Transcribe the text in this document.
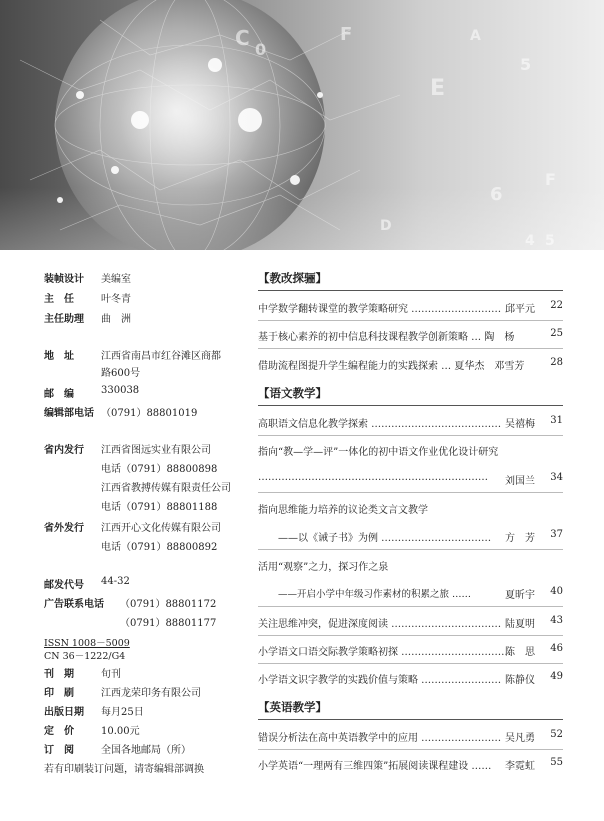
装帧设计 美编室
主　任	叶冬青
主任助理 曲　洲
地　址	江西省南昌市红谷滩区商都
路600号
邮　编	330038
编辑部电话 （0791）88801019
省内发行 江西省图远实业有限公司
电话（0791）88800898
江西省教搏传媒有限责任公司
电话（0791）88801188
省外发行 江西开心文化传媒有限公司
电话（0791）88800892
邮发代号 44-32
广告联系电话 （0791）88801172
（0791）88801177
ISSN 1008－5009
CN 36－1222/G4
刊　期	旬刊
印　刷	江西龙荣印务有限公司
出版日期 每月25日
定　价	10.00元
订　阅	全国各地邮局（所）
若有印刷装订问题，请寄编辑部调换
【教改探骊】
中学数学翻转课堂的教学策略研究 ……………………… 邱平元 22
基于核心素养的初中信息科技课程教学创新策略 … 陶　杨	25
借助流程图提升学生编程能力的实践探索 … 夏华杰　邓雪芳	28
【语文教学】
高职语文信息化教学探索 ………………………………… 吴禧梅 31
指向“教—学—评”一体化的初中语文作业优化设计研究
…………………………………………………………… 刘国兰 34
指向思维能力培养的议论类文言文教学
——以《诫子书》为例 …………………………… 方　芳 37
活用“观察”之力，探习作之泉
——开启小学中年级习作素材的积累之旅 ……	夏昕宇 40
关注思维冲突，促进深度阅读 …………………………… 陆夏明 43
小学语文口语交际教学策略初探 ……………………………
陈　思 46
小学语文识字教学的实践价值与策略 …………………… 陈静仪 49
【英语教学】
错误分析法在高中英语教学中的应用 …………………… 吴凡勇 52
小学英语“一理两有三维四策”拓展阅读课程建设 …… 李霓虹 55
